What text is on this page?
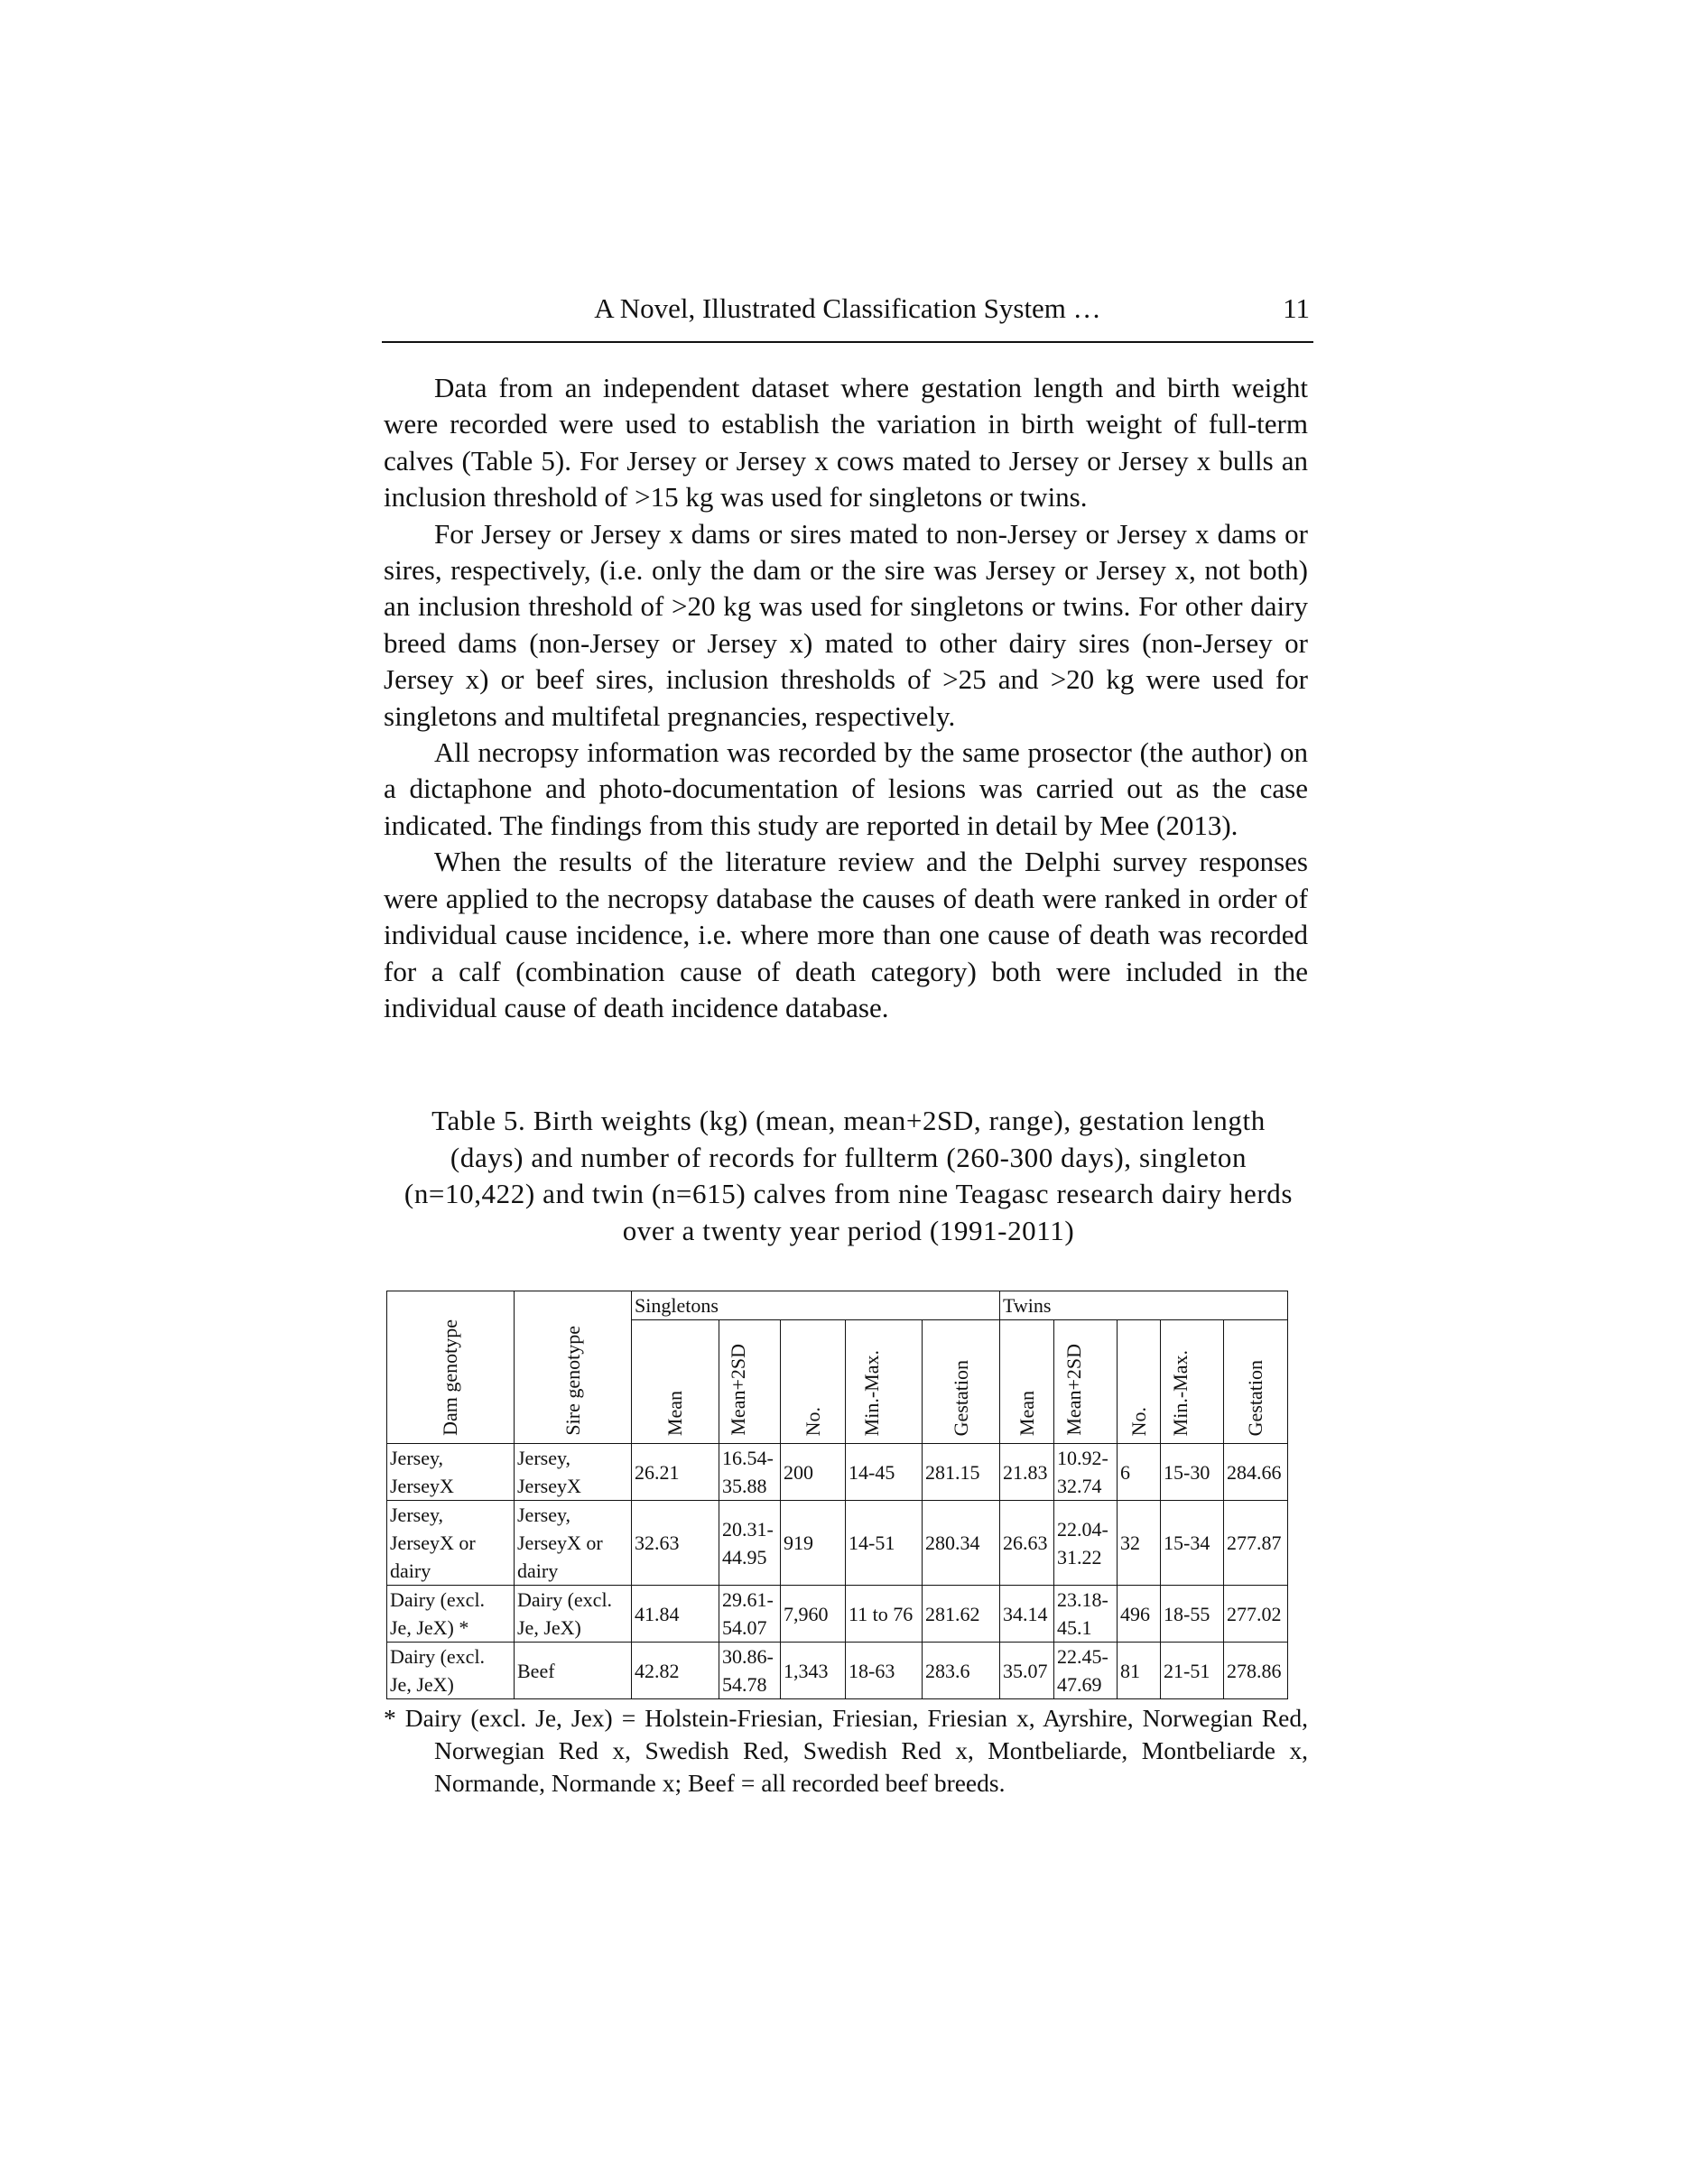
A Novel, Illustrated Classification System …	11

Data from an independent dataset where gestation length and birth weight were recorded were used to establish the variation in birth weight of full-term calves (Table 5). For Jersey or Jersey x cows mated to Jersey or Jersey x bulls an inclusion threshold of >15 kg was used for singletons or twins.

For Jersey or Jersey x dams or sires mated to non-Jersey or Jersey x dams or sires, respectively, (i.e. only the dam or the sire was Jersey or Jersey x, not both) an inclusion threshold of >20 kg was used for singletons or twins. For other dairy breed dams (non-Jersey or Jersey x) mated to other dairy sires (non-Jersey or Jersey x) or beef sires, inclusion thresholds of >25 and >20 kg were used for singletons and multifetal pregnancies, respectively.

All necropsy information was recorded by the same prosector (the author) on a dictaphone and photo-documentation of lesions was carried out as the case indicated. The findings from this study are reported in detail by Mee (2013).

When the results of the literature review and the Delphi survey responses were applied to the necropsy database the causes of death were ranked in order of individual cause incidence, i.e. where more than one cause of death was recorded for a calf (combination cause of death category) both were included in the individual cause of death incidence database.

Table 5. Birth weights (kg) (mean, mean+2SD, range), gestation length (days) and number of records for fullterm (260-300 days), singleton (n=10,422) and twin (n=615) calves from nine Teagasc research dairy herds over a twenty year period (1991-2011)
Dam genotype	Sire genotype	Singletons					Twins				
		Mean	Mean+2SD	No.	Min.-Max.	Gestation	Mean	Mean+2SD	No.	Min.-Max.	Gestation
Jersey, JerseyX	Jersey, JerseyX	26.21	16.54-35.88	200	14-45	281.15	21.83	10.92-32.74	6	15-30	284.66
Jersey, JerseyX or dairy	Jersey, JerseyX or dairy	32.63	20.31-44.95	919	14-51	280.34	26.63	22.04-31.22	32	15-34	277.87
Dairy (excl. Je, JeX) *	Dairy (excl. Je, JeX)	41.84	29.61-54.07	7,960	11 to 76	281.62	34.14	23.18-45.1	496	18-55	277.02
Dairy (excl. Je, JeX)	Beef	42.82	30.86-54.78	1,343	18-63	283.6	35.07	22.45-47.69	81	21-51	278.86

* Dairy (excl. Je, Jex) = Holstein-Friesian, Friesian, Friesian x, Ayrshire, Norwegian Red, Norwegian Red x, Swedish Red, Swedish Red x, Montbeliarde, Montbeliarde x, Normande, Normande x; Beef = all recorded beef breeds.
